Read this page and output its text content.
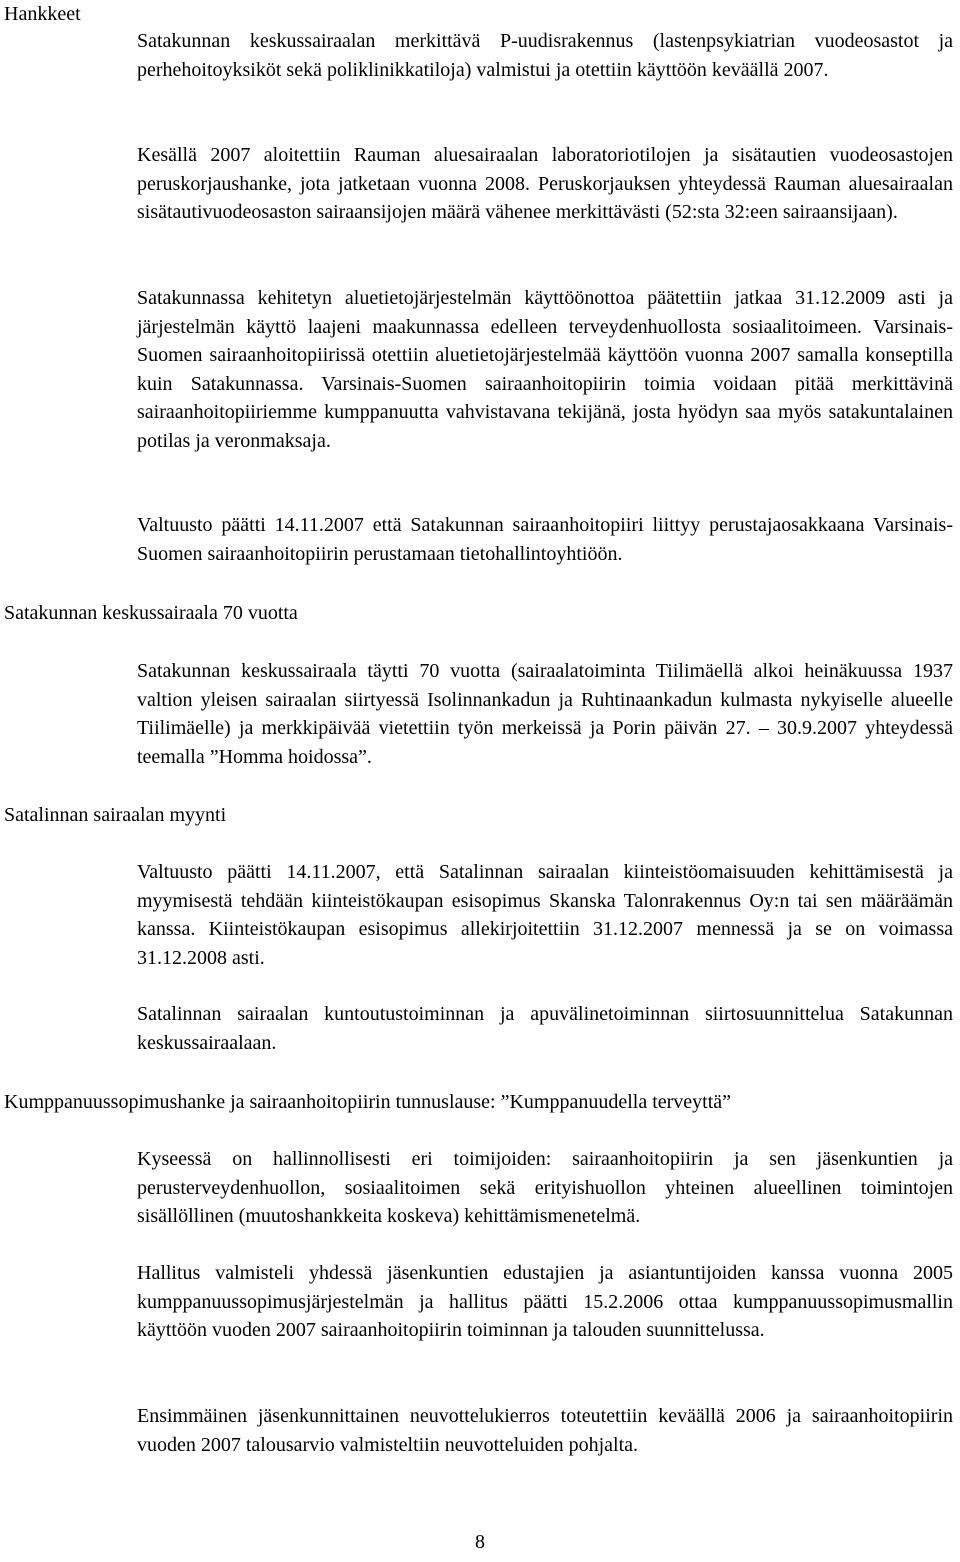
Hankkeet

Satakunnan keskussairaalan merkittävä P-uudisrakennus (lastenpsykiatrian vuodeosastot ja perhehoitoyksiköt sekä poliklinikkatiloja) valmistui ja otettiin käyttöön keväällä 2007.

Kesällä 2007 aloitettiin Rauman aluesairaalan laboratoriotilojen ja sisätautien vuodeosastojen peruskorjaushanke, jota jatketaan vuonna 2008. Peruskorjauksen yhteydessä Rauman aluesairaalan sisätautivuodeosaston sairaansijojen määrä vähenee merkittävästi (52:sta 32:een sairaansijaan).

Satakunnassa kehitetyn aluetietojärjestelmän käyttöönottoa päätettiin jatkaa 31.12.2009 asti ja järjestelmän käyttö laajeni maakunnassa edelleen terveydenhuollosta sosiaalitoimeen. Varsinais-Suomen sairaanhoitopiirissä otettiin aluetietojärjestelmää käyttöön vuonna 2007 samalla konseptilla kuin Satakunnassa. Varsinais-Suomen sairaanhoitopiirin toimia voidaan pitää merkittävinä sairaanhoitopiiriemme kumppanuutta vahvistavana tekijänä, josta hyödyn saa myös satakuntalainen potilas ja veronmaksaja.

Valtuusto päätti 14.11.2007 että Satakunnan sairaanhoitopiiri liittyy perustajaosakkaana Varsinais-Suomen sairaanhoitopiirin perustamaan tietohallintoyhtiöön.

Satakunnan keskussairaala 70 vuotta

Satakunnan keskussairaala täytti 70 vuotta (sairaalatoiminta Tiilimäellä alkoi heinäkuussa 1937 valtion yleisen sairaalan siirtyessä Isolinnankadun ja Ruhtinaankadun kulmasta nykyiselle alueelle Tiilimäelle) ja merkkipäivää vietettiin työn merkeissä ja Porin päivän 27. – 30.9.2007 yhteydessä teemalla ”Homma hoidossa”.

Satalinnan sairaalan myynti

Valtuusto päätti 14.11.2007, että Satalinnan sairaalan kiinteistöomaisuuden kehittämisestä ja myymisestä tehdään kiinteistökaupan esisopimus Skanska Talonrakennus Oy:n tai sen määräämän kanssa. Kiinteistökaupan esisopimus allekirjoitettiin 31.12.2007 mennessä ja se on voimassa 31.12.2008 asti.

Satalinnan sairaalan kuntoutustoiminnan ja apuvälinetoiminnan siirtosuunnittelua Satakunnan keskussairaalaan.

Kumppanuussopimushanke ja sairaanhoitopiirin tunnuslause: ”Kumppanuudella terveyttä”

Kyseessä on hallinnollisesti eri toimijoiden: sairaanhoitopiirin ja sen jäsenkuntien ja perusterveydenhuollon, sosiaalitoimen sekä erityishuollon yhteinen alueellinen toimintojen sisällöllinen (muutoshankkeita koskeva) kehittämismenetelmä.

Hallitus valmisteli yhdessä jäsenkuntien edustajien ja asiantuntijoiden kanssa vuonna 2005 kumppanuussopimusjärjestelmän ja hallitus päätti 15.2.2006 ottaa kumppanuussopimusmallin käyttöön vuoden 2007 sairaanhoitopiirin toiminnan ja talouden suunnittelussa.

Ensimmäinen jäsenkunnittainen neuvottelukierros toteutettiin keväällä 2006 ja sairaanhoitopiirin vuoden 2007 talousarvio valmisteltiin neuvotteluiden pohjalta.

8
